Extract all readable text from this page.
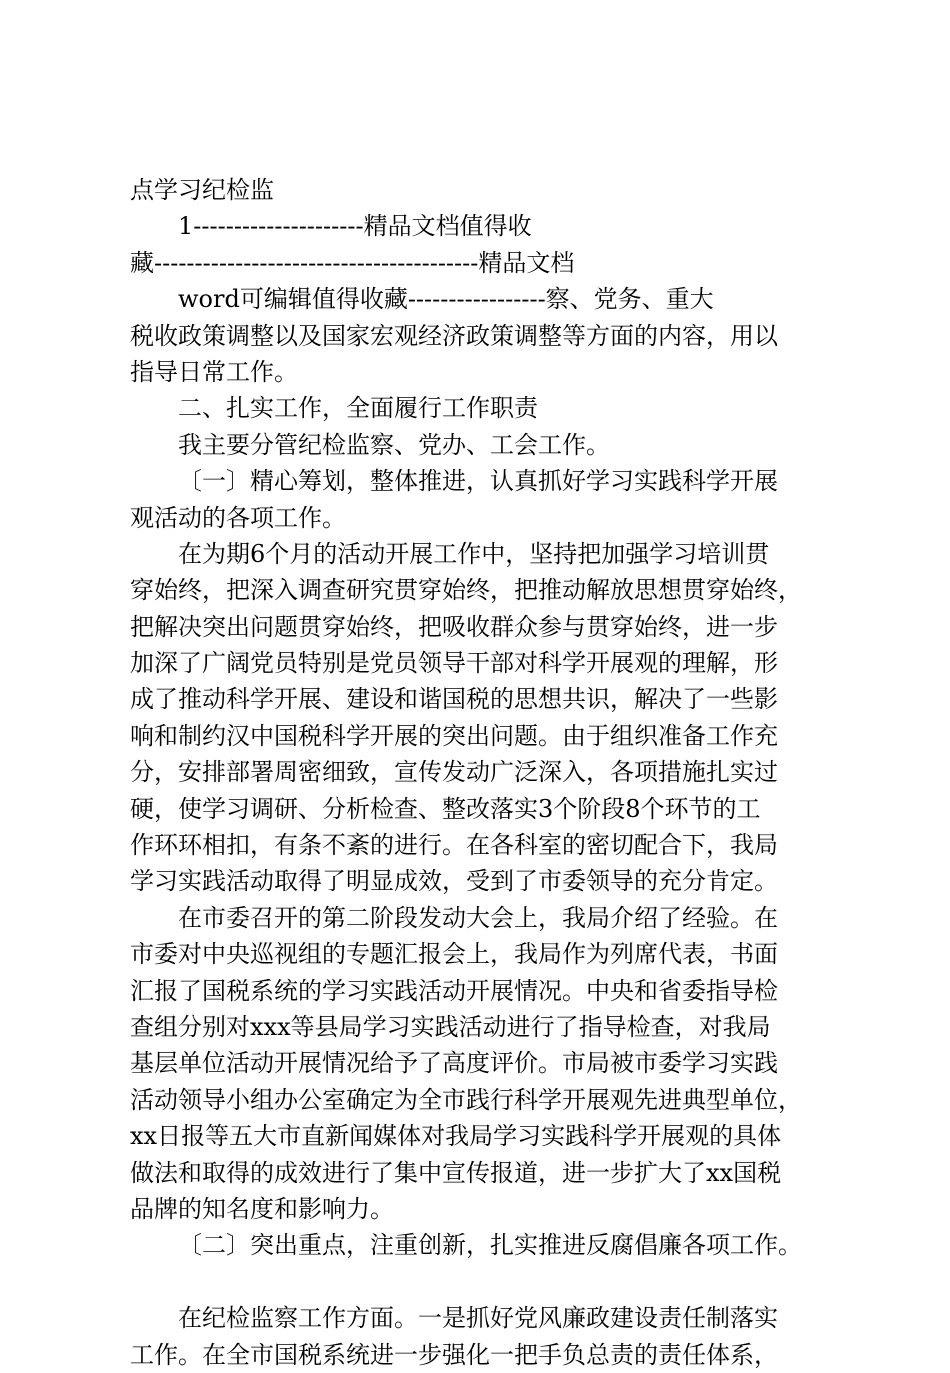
点学习纪检监
1---------------------精品文档值得收
藏----------------------------------------精品文档
word可编辑值得收藏-----------------察、党务、重大
税收政策调整以及国家宏观经济政策调整等方面的内容，用以
指导日常工作。
二、扎实工作，全面履行工作职责
我主要分管纪检监察、党办、工会工作。
〔一〕精心筹划，整体推进，认真抓好学习实践科学开展
观活动的各项工作。
在为期6个月的活动开展工作中，坚持把加强学习培训贯
穿始终，把深入调查研究贯穿始终，把推动解放思想贯穿始终，
把解决突出问题贯穿始终，把吸收群众参与贯穿始终，进一步
加深了广阔党员特别是党员领导干部对科学开展观的理解，形
成了推动科学开展、建设和谐国税的思想共识，解决了一些影
响和制约汉中国税科学开展的突出问题。由于组织准备工作充
分，安排部署周密细致，宣传发动广泛深入，各项措施扎实过
硬，使学习调研、分析检查、整改落实3个阶段8个环节的工
作环环相扣，有条不紊的进行。在各科室的密切配合下，我局
学习实践活动取得了明显成效，受到了市委领导的充分肯定。
在市委召开的第二阶段发动大会上，我局介绍了经验。在
市委对中央巡视组的专题汇报会上，我局作为列席代表，书面
汇报了国税系统的学习实践活动开展情况。中央和省委指导检
查组分别对xxx等县局学习实践活动进行了指导检查，对我局
基层单位活动开展情况给予了高度评价。市局被市委学习实践
活动领导小组办公室确定为全市践行科学开展观先进典型单位，
xx日报等五大市直新闻媒体对我局学习实践科学开展观的具体
做法和取得的成效进行了集中宣传报道，进一步扩大了xx国税
品牌的知名度和影响力。
〔二〕突出重点，注重创新，扎实推进反腐倡廉各项工作。
在纪检监察工作方面。一是抓好党风廉政建设责任制落实
工作。在全市国税系统进一步强化一把手负总责的责任体系，
